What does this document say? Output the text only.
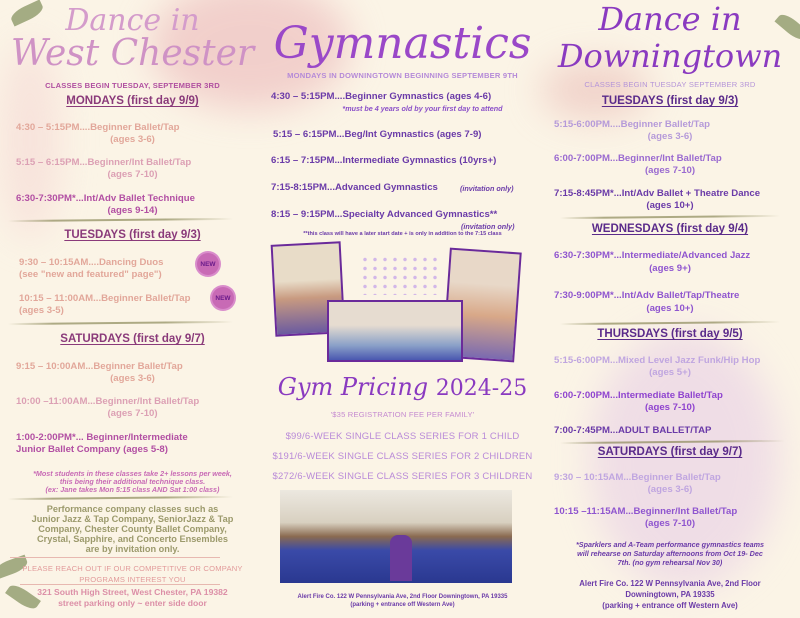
Dance in
West Chester
CLASSES BEGIN TUESDAY, SEPTEMBER 3RD
MONDAYS (first day 9/9)
4:30 – 5:15PM....Beginner Ballet/Tap
(ages 3-6)
5:15 – 6:15PM...Beginner/Int Ballet/Tap
(ages 7-10)
6:30-7:30PM*...Int/Adv Ballet Technique
(ages 9-14)
TUESDAYS (first day 9/3)
9:30 – 10:15AM....Dancing Duos
(see "new and featured" page")
NEW
10:15 – 11:00AM...Beginner Ballet/Tap
(ages 3-5)
NEW
SATURDAYS (first day 9/7)
9:15 – 10:00AM...Beginner Ballet/Tap
(ages 3-6)
10:00 –11:00AM...Beginner/Int Ballet/Tap
(ages 7-10)
1:00-2:00PM*... Beginner/Intermediate
Junior Ballet Company (ages 5-8)
*Most students in these classes take 2+ lessons per week,
this being their additional technique class.
(ex: Jane takes Mon 5:15 class AND Sat 1:00 class)
Performance company classes such as
Junior Jazz & Tap Company, SeniorJazz & Tap
Company, Chester County Ballet Company,
Crystal, Sapphire, and Concerto Ensembles
are by invitation only.
PLEASE REACH OUT IF OUR COMPETITIVE OR COMPANY
PROGRAMS INTEREST YOU
321 South High Street, West Chester, PA 19382
street parking only ~ enter side door
Gymnastics
MONDAYS IN DOWNINGTOWN BEGINNING SEPTEMBER 9TH
4:30 – 5:15PM....Beginner Gymnastics (ages 4-6)
*must be 4 years old by your first day to attend
5:15 – 6:15PM...Beg/Int Gymnastics (ages 7-9)
6:15 – 7:15PM...Intermediate Gymnastics (10yrs+)
7:15-8:15PM...Advanced Gymnastics	(invitation only)
8:15 – 9:15PM...Specialty Advanced Gymnastics**
(invitation only)
**this class will have a later start date + is only in addition to the 7:15 class
Gym Pricing 2024-25
'$35 REGISTRATION FEE PER FAMILY'
$99/6-WEEK SINGLE CLASS SERIES FOR 1 CHILD
$191/6-WEEK SINGLE CLASS SERIES FOR 2 CHILDREN
$272/6-WEEK SINGLE CLASS SERIES FOR 3 CHILDREN
Alert Fire Co. 122 W Pennsylvania Ave, 2nd Floor Downingtown, PA 19335
(parking + entrance off Western Ave)
Dance in
Downingtown
CLASSES BEGIN TUESDAY SEPTEMBER 3RD
TUESDAYS (first day 9/3)
5:15-6:00PM....Beginner Ballet/Tap
(ages 3-6)
6:00-7:00PM...Beginner/Int Ballet/Tap
(ages 7-10)
7:15-8:45PM*...Int/Adv Ballet + Theatre Dance
(ages 10+)
WEDNESDAYS (first day 9/4)
6:30-7:30PM*...Intermediate/Advanced Jazz
(ages 9+)
7:30-9:00PM*...Int/Adv Ballet/Tap/Theatre
(ages 10+)
THURSDAYS (first day 9/5)
5:15-6:00PM...Mixed Level Jazz Funk/Hip Hop
(ages 5+)
6:00-7:00PM...Intermediate Ballet/Tap
(ages 7-10)
7:00-7:45PM...ADULT BALLET/TAP
SATURDAYS (first day 9/7)
9:30 – 10:15AM...Beginner Ballet/Tap
(ages 3-6)
10:15 –11:15AM...Beginner/Int Ballet/Tap
(ages 7-10)
*Sparklers and A-Team performance gymnastics teams
will rehearse on Saturday afternoons from Oct 19- Dec
7th. (no gym rehearsal Nov 30)
Alert Fire Co. 122 W Pennsylvania Ave, 2nd Floor
Downingtown, PA 19335
(parking + entrance off Western Ave)
